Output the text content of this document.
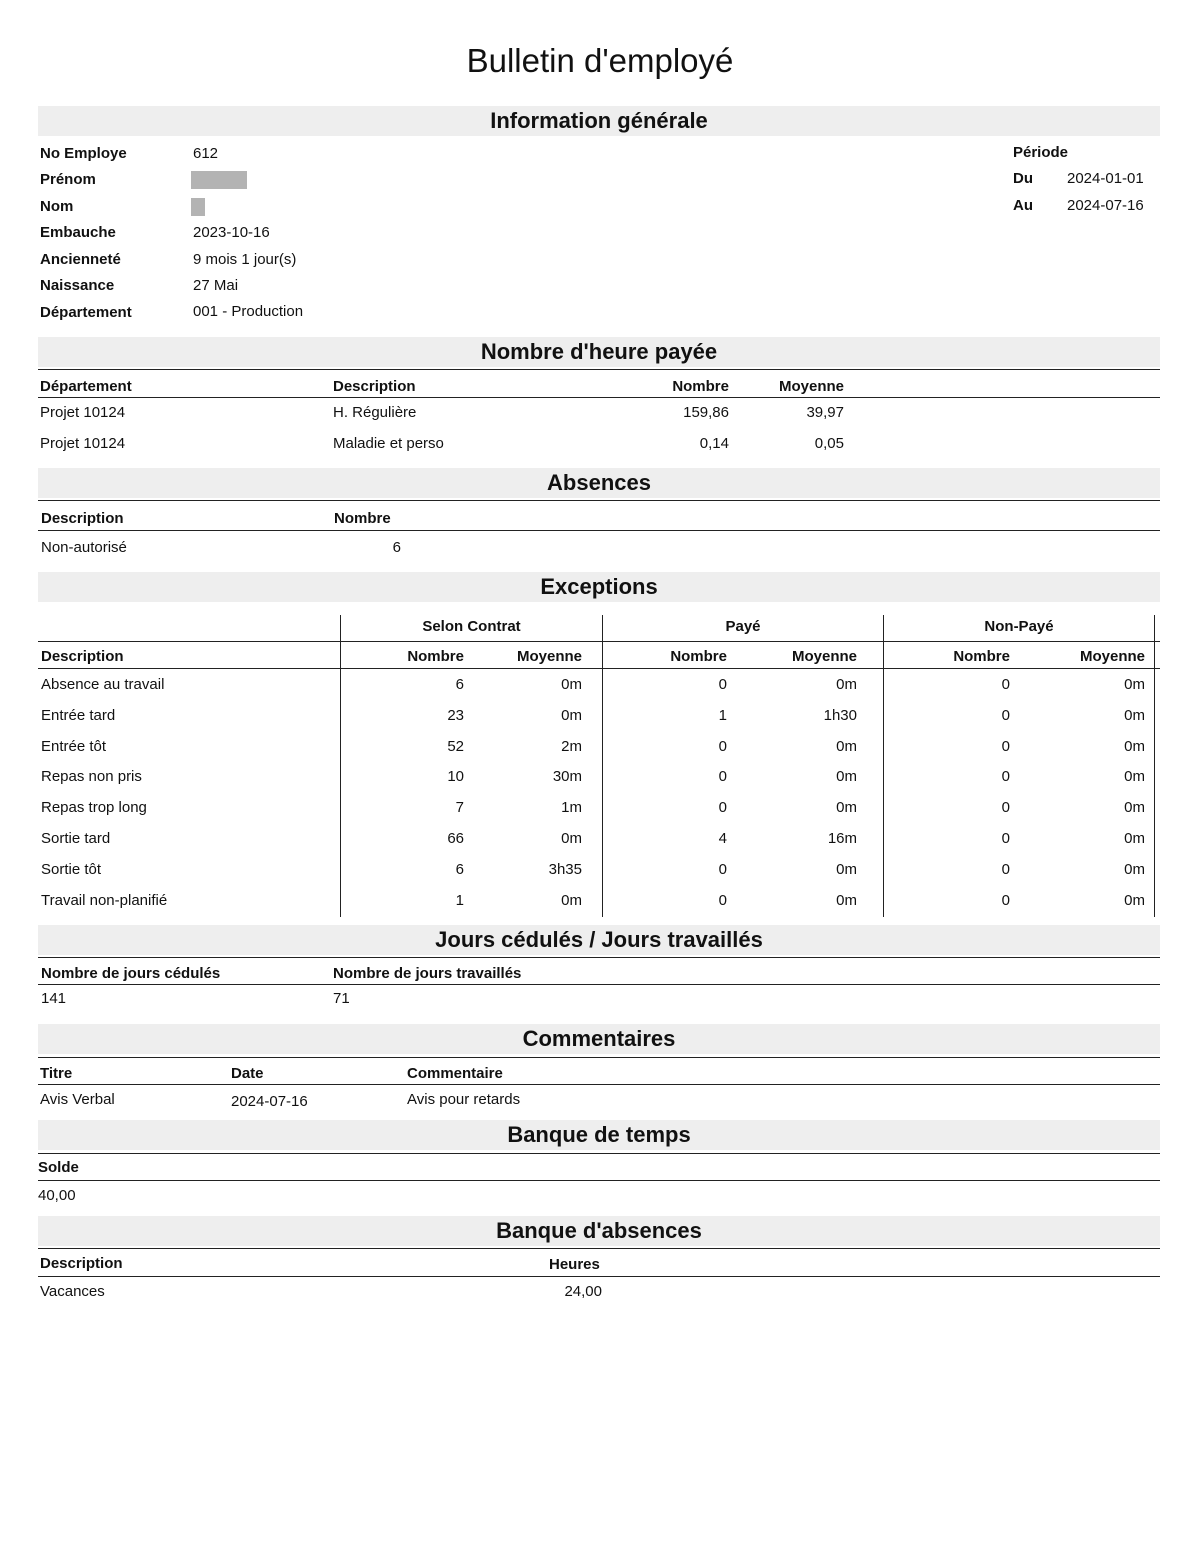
Bulletin d'employé
Information générale
No Employe	612
Prénom
Nom
Embauche	2023-10-16
Ancienneté	9 mois 1 jour(s)
Naissance	27 Mai
Département	001 - Production
Période
Du 2024-01-01
Au 2024-07-16
Nombre d'heure payée
Département	Description	Nombre	Moyenne
Projet 10124	H. Régulière	159,86	39,97
Projet 10124	Maladie et perso	0,14	0,05
Absences
Description	Nombre
Non-autorisé	6
Exceptions
Selon Contrat	Payé	Non-Payé
Description	Nombre	Moyenne	Nombre	Moyenne	Nombre	Moyenne
Absence au travail	6	0m	0	0m	0	0m
Entrée tard	23	0m	1	1h30	0	0m
Entrée tôt	52	2m	0	0m	0	0m
Repas non pris	10	30m	0	0m	0	0m
Repas trop long	7	1m	0	0m	0	0m
Sortie tard	66	0m	4	16m	0	0m
Sortie tôt	6	3h35	0	0m	0	0m
Travail non-planifié	1	0m	0	0m	0	0m
Jours cédulés / Jours travaillés
Nombre de jours cédulés	Nombre de jours travaillés
141	71
Commentaires
Titre	Date	Commentaire
Avis Verbal	2024-07-16	Avis pour retards
Banque de temps
Solde
40,00
Banque d'absences
Description	Heures
Vacances	24,00
